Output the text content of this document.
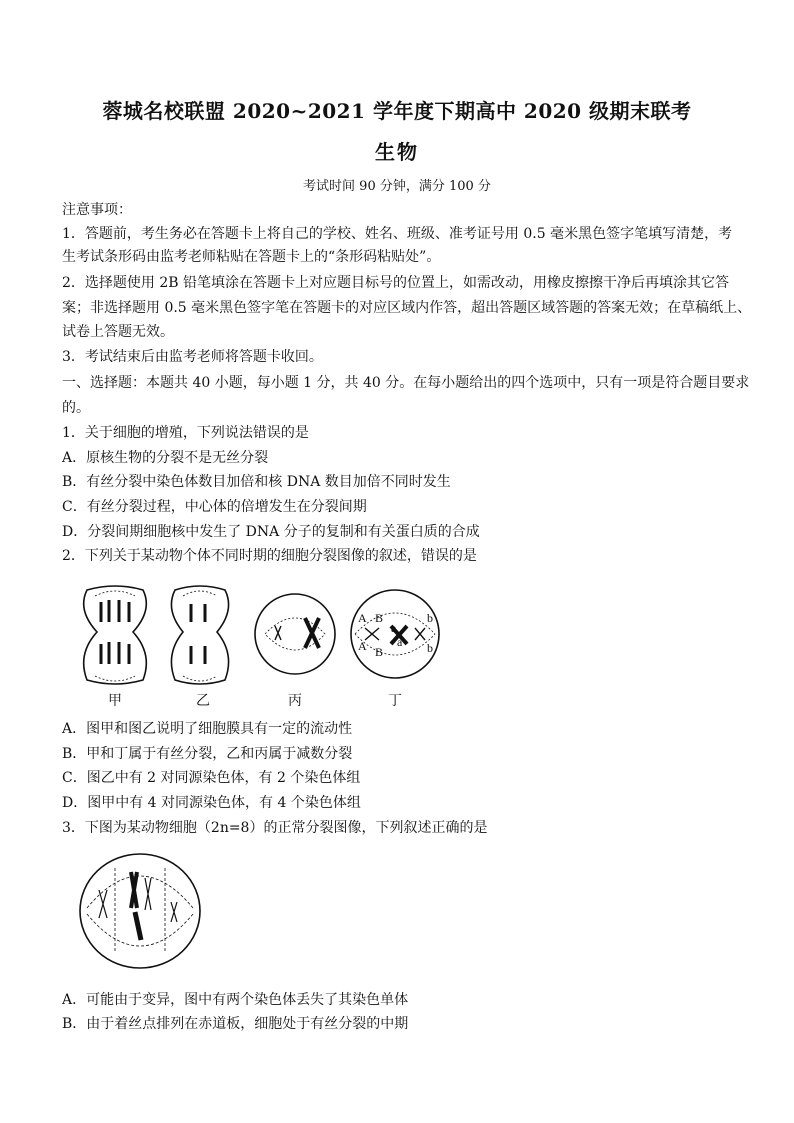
蓉城名校联盟 2020~2021 学年度下期高中 2020 级期末联考
生物
考试时间 90 分钟，满分 100 分
注意事项：
1．答题前，考生务必在答题卡上将自己的学校、姓名、班级、准考证号用 0.5 毫米黑色签字笔填写清楚，考
生考试条形码由监考老师粘贴在答题卡上的“条形码粘贴处”。
2．选择题使用 2B 铅笔填涂在答题卡上对应题目标号的位置上，如需改动，用橡皮擦擦干净后再填涂其它答
案；非选择题用 0.5 毫米黑色签字笔在答题卡的对应区域内作答，超出答题区域答题的答案无效；在草稿纸上、
试卷上答题无效。
3．考试结束后由监考老师将答题卡收回。
一、选择题：本题共 40 小题，每小题 1 分，共 40 分。在每小题给出的四个选项中，只有一项是符合题目要求
的。
1．关于细胞的增殖，下列说法错误的是
A．原核生物的分裂不是无丝分裂
B．有丝分裂中染色体数目加倍和核 DNA 数目加倍不同时发生
C．有丝分裂过程，中心体的倍增发生在分裂间期
D．分裂间期细胞核中发生了 DNA 分子的复制和有关蛋白质的合成
2．下列关于某动物个体不同时期的细胞分裂图像的叙述，错误的是
A B
A B
a
a
b
b
甲	乙	丙	丁
A．图甲和图乙说明了细胞膜具有一定的流动性
B．甲和丁属于有丝分裂，乙和丙属于减数分裂
C．图乙中有 2 对同源染色体，有 2 个染色体组
D．图甲中有 4 对同源染色体，有 4 个染色体组
3．下图为某动物细胞（2n=8）的正常分裂图像，下列叙述正确的是
A．可能由于变异，图中有两个染色体丢失了其染色单体
B．由于着丝点排列在赤道板，细胞处于有丝分裂的中期
